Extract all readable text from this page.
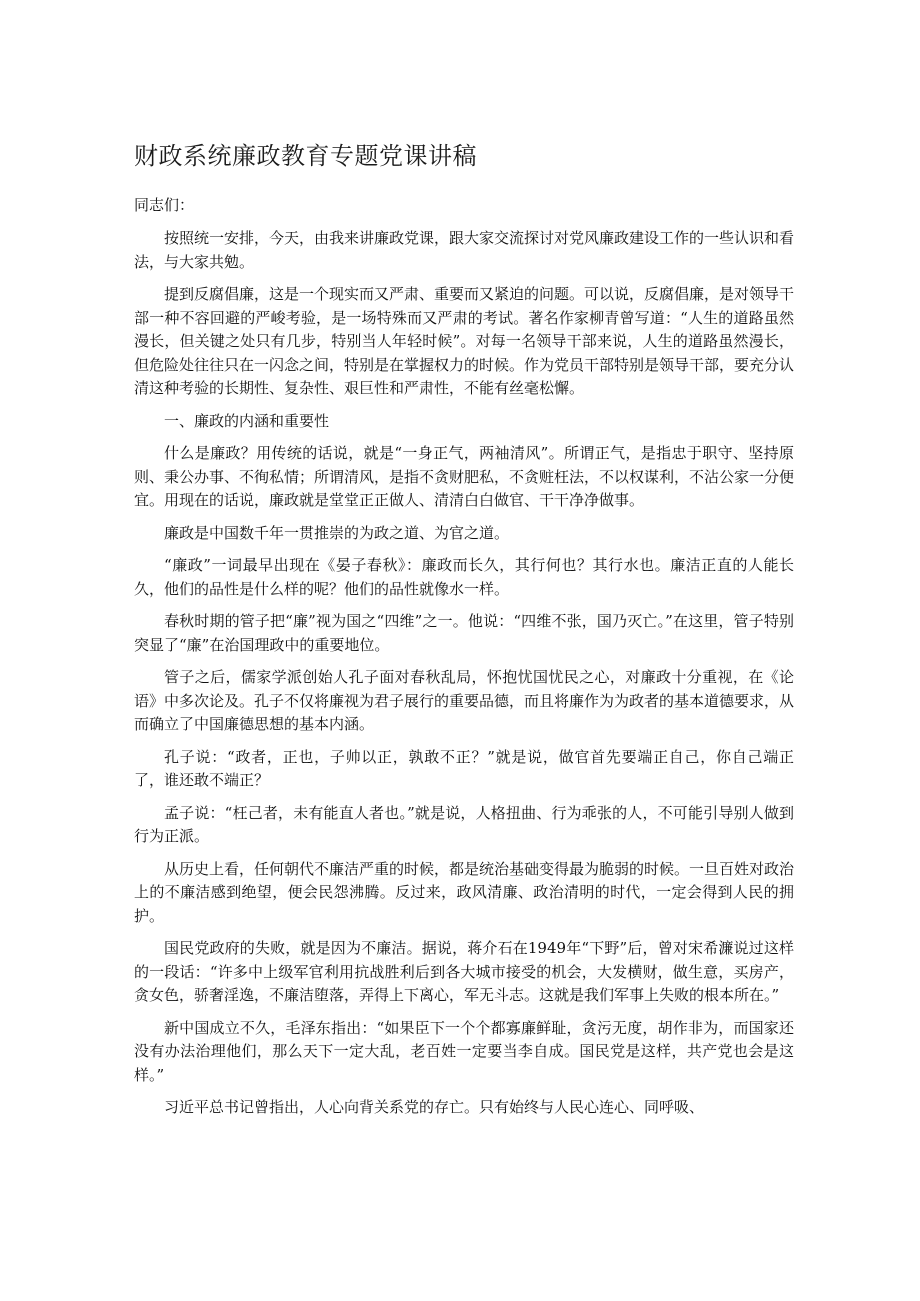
财政系统廉政教育专题党课讲稿

同志们：

按照统一安排，今天，由我来讲廉政党课，跟大家交流探讨对党风廉政建设工作的一些认识和看法，与大家共勉。

提到反腐倡廉，这是一个现实而又严肃、重要而又紧迫的问题。可以说，反腐倡廉，是对领导干部一种不容回避的严峻考验，是一场特殊而又严肃的考试。著名作家柳青曾写道：“人生的道路虽然漫长，但关键之处只有几步，特别当人年轻时候”。对每一名领导干部来说，人生的道路虽然漫长，但危险处往往只在一闪念之间，特别是在掌握权力的时候。作为党员干部特别是领导干部，要充分认清这种考验的长期性、复杂性、艰巨性和严肃性，不能有丝毫松懈。

一、廉政的内涵和重要性

什么是廉政？用传统的话说，就是“一身正气，两袖清风”。所谓正气，是指忠于职守、坚持原则、秉公办事、不徇私情；所谓清风，是指不贪财肥私，不贪赃枉法，不以权谋利，不沾公家一分便宜。用现在的话说，廉政就是堂堂正正做人、清清白白做官、干干净净做事。

廉政是中国数千年一贯推崇的为政之道、为官之道。

“廉政”一词最早出现在《晏子春秋》：廉政而长久，其行何也？其行水也。廉洁正直的人能长久，他们的品性是什么样的呢？他们的品性就像水一样。

春秋时期的管子把“廉”视为国之“四维”之一。他说：“四维不张，国乃灭亡。”在这里，管子特别突显了“廉”在治国理政中的重要地位。

管子之后，儒家学派创始人孔子面对春秋乱局，怀抱忧国忧民之心，对廉政十分重视，在《论语》中多次论及。孔子不仅将廉视为君子展行的重要品德，而且将廉作为为政者的基本道德要求，从而确立了中国廉德思想的基本内涵。

孔子说：“政者，正也，子帅以正，孰敢不正？”就是说，做官首先要端正自己，你自己端正了，谁还敢不端正？

孟子说：“枉己者，未有能直人者也。”就是说，人格扭曲、行为乖张的人，不可能引导别人做到行为正派。

从历史上看，任何朝代不廉洁严重的时候，都是统治基础变得最为脆弱的时候。一旦百姓对政治上的不廉洁感到绝望，便会民怨沸腾。反过来，政风清廉、政治清明的时代，一定会得到人民的拥护。

国民党政府的失败，就是因为不廉洁。据说，蒋介石在1949年“下野”后，曾对宋希濂说过这样的一段话：“许多中上级军官利用抗战胜利后到各大城市接受的机会，大发横财，做生意，买房产，贪女色，骄奢淫逸，不廉洁堕落，弄得上下离心，军无斗志。这就是我们军事上失败的根本所在。”

新中国成立不久，毛泽东指出：“如果臣下一个个都寡廉鲜耻，贪污无度，胡作非为，而国家还没有办法治理他们，那么天下一定大乱，老百姓一定要当李自成。国民党是这样，共产党也会是这样。”

习近平总书记曾指出，人心向背关系党的存亡。只有始终与人民心连心、同呼吸、
